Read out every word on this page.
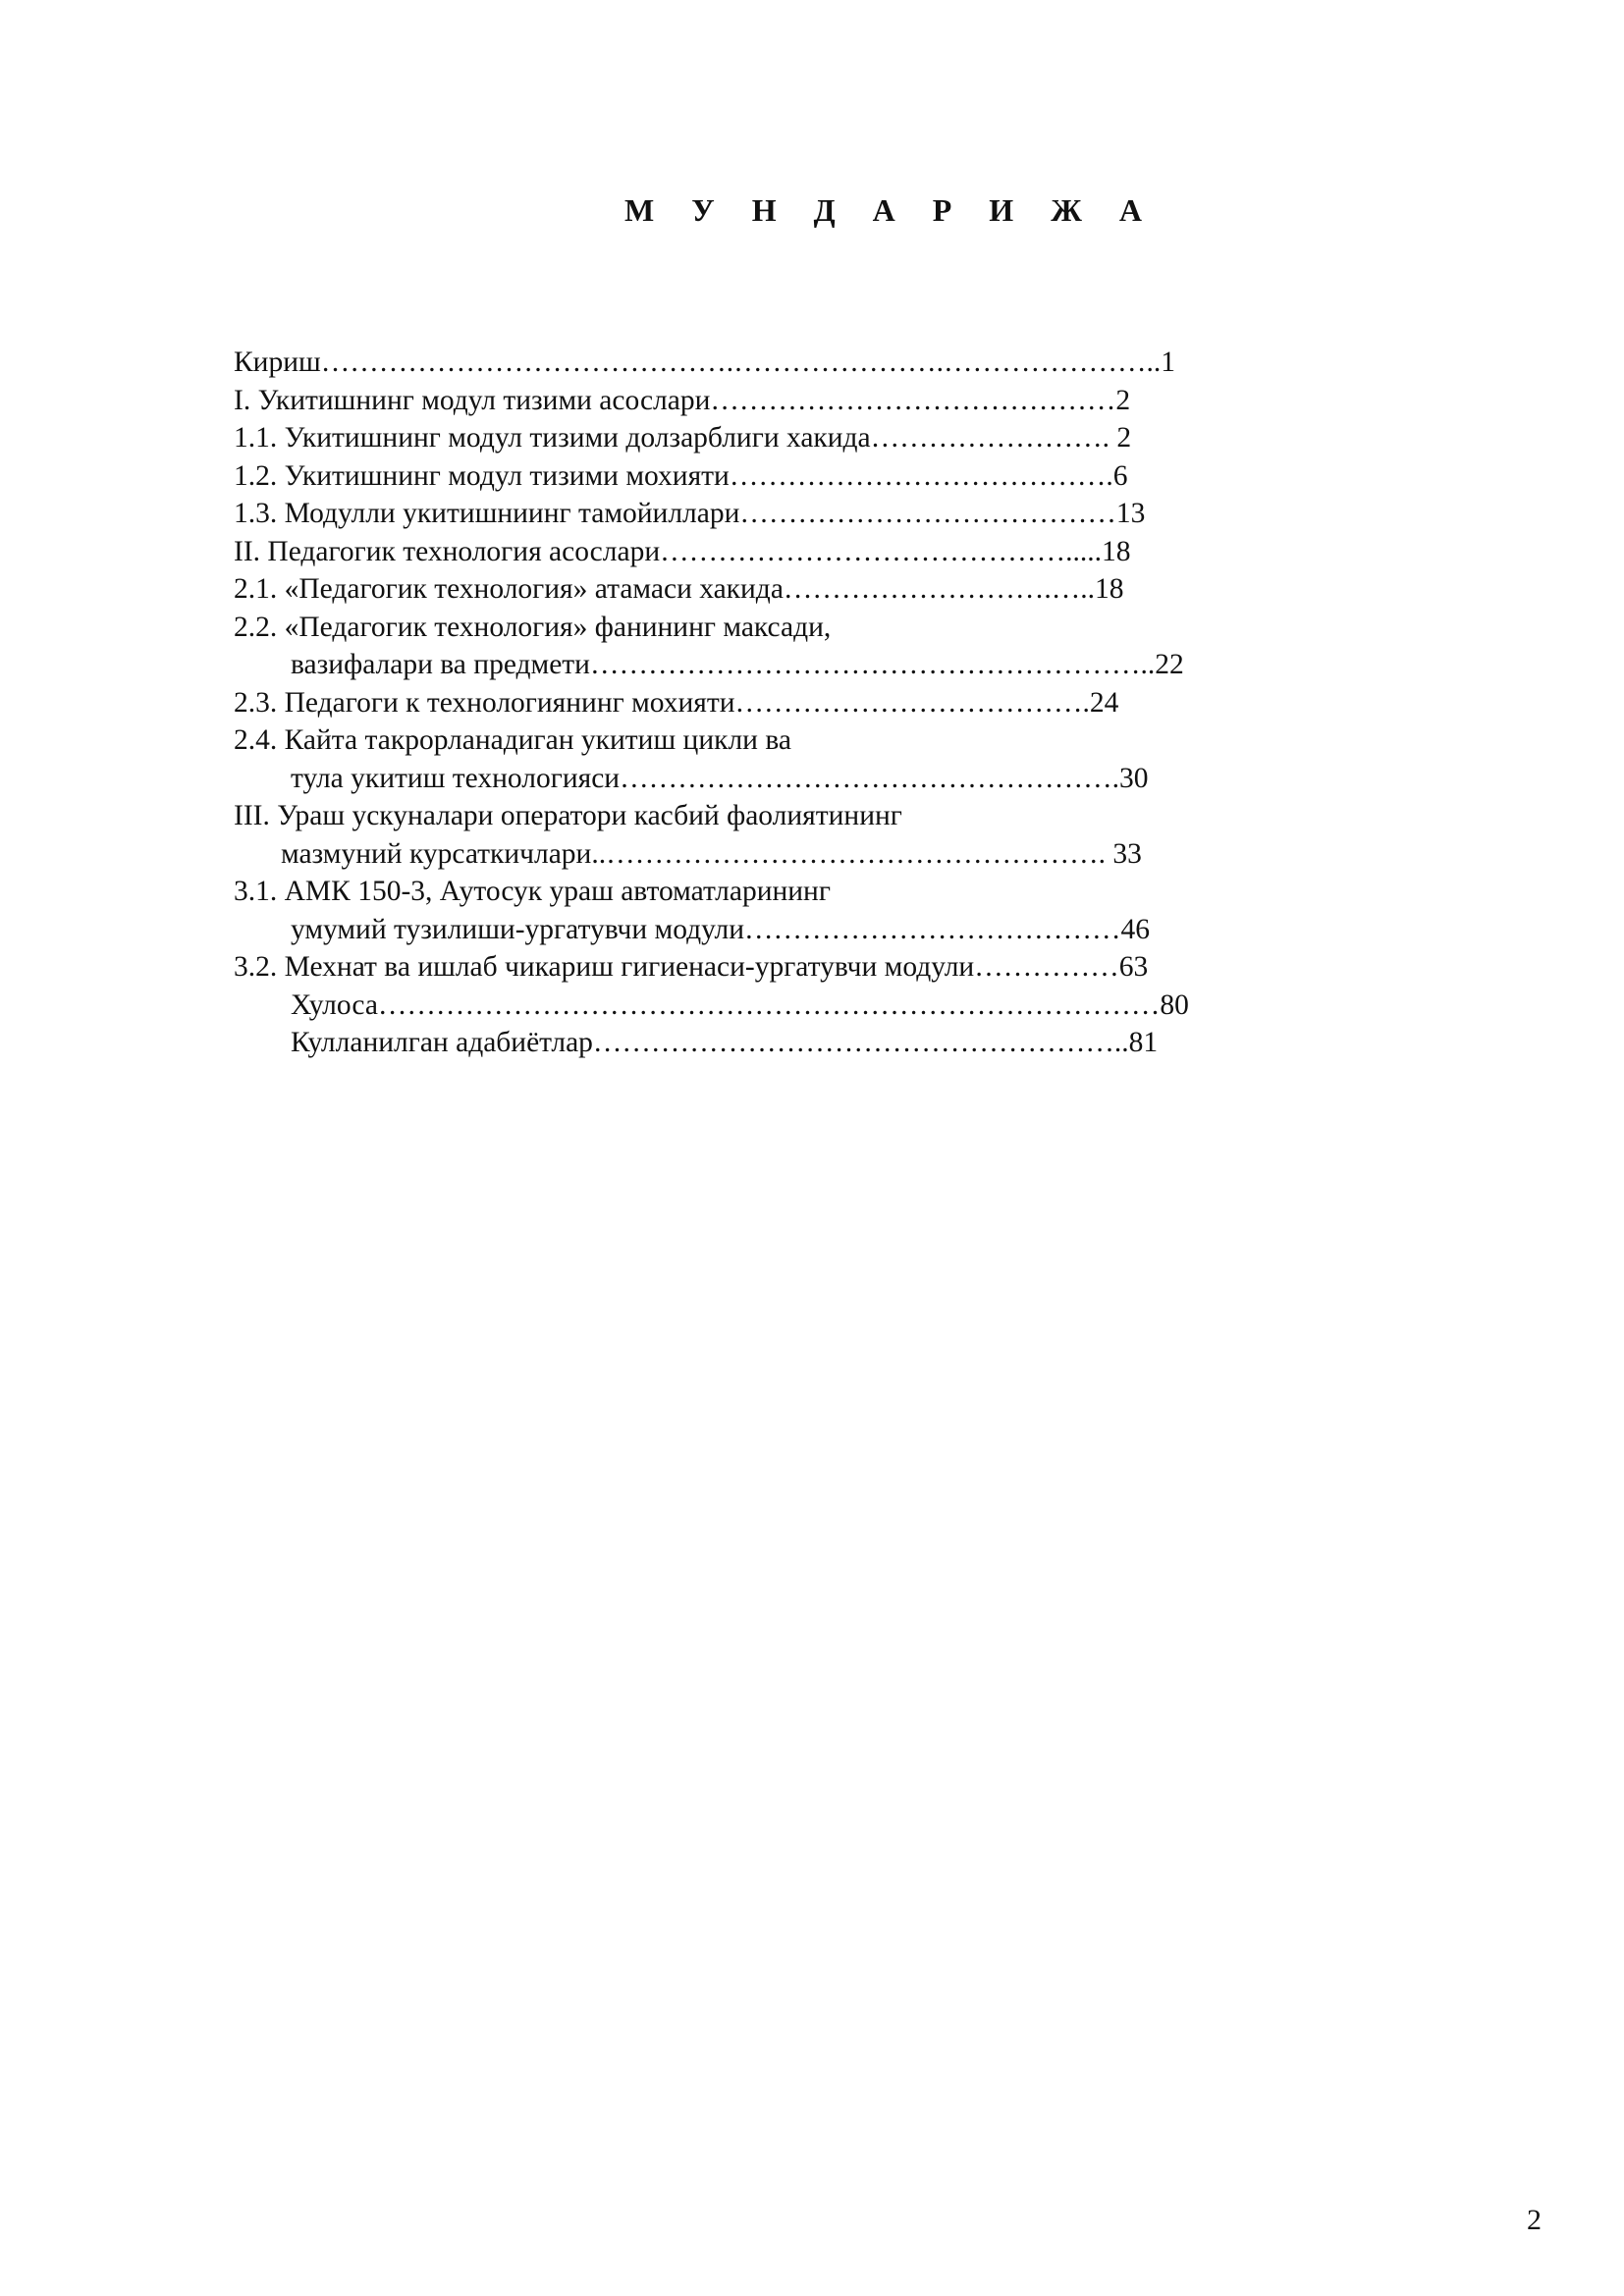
М У Н Д А Р И Ж А
Кириш…………………………………….………………….…………………..1
I. Укитишнинг модул тизими асослари……………………………………2
1.1. Укитишнинг модул тизими долзарблиги хакида……………………. 2
1.2. Укитишнинг модул тизими мохияти………………………………….6
1.3. Модулли укитишниинг тамойиллари…………………………………13
II. Педагогик технология асослари…………………………………….....18
2.1. «Педагогик технология» атамаси хакида……………………….…..18
2.2. «Педагогик технология» фанининг максади,
вазифалари ва предмети…………………………………………………..22
2.3. Педагоги к технологиянинг мохияти……………………………….24
2.4. Кайта такрорланадиган укитиш цикли ва
тула укитиш технологияси…………………………………………….30
III. Ураш ускуналари оператори касбий фаолиятининг
мазмуний курсаткичлари..……………………………………………. 33
3.1. АМК 150-3, Аутосук ураш автоматларининг
умумий тузилиши-ургатувчи модули…………………………………46
3.2. Мехнат ва ишлаб чикариш гигиенаси-ургатувчи модули……………63
Хулоса………………………………………………………………………80
Кулланилган адабиётлар………………………………………………..81
2
